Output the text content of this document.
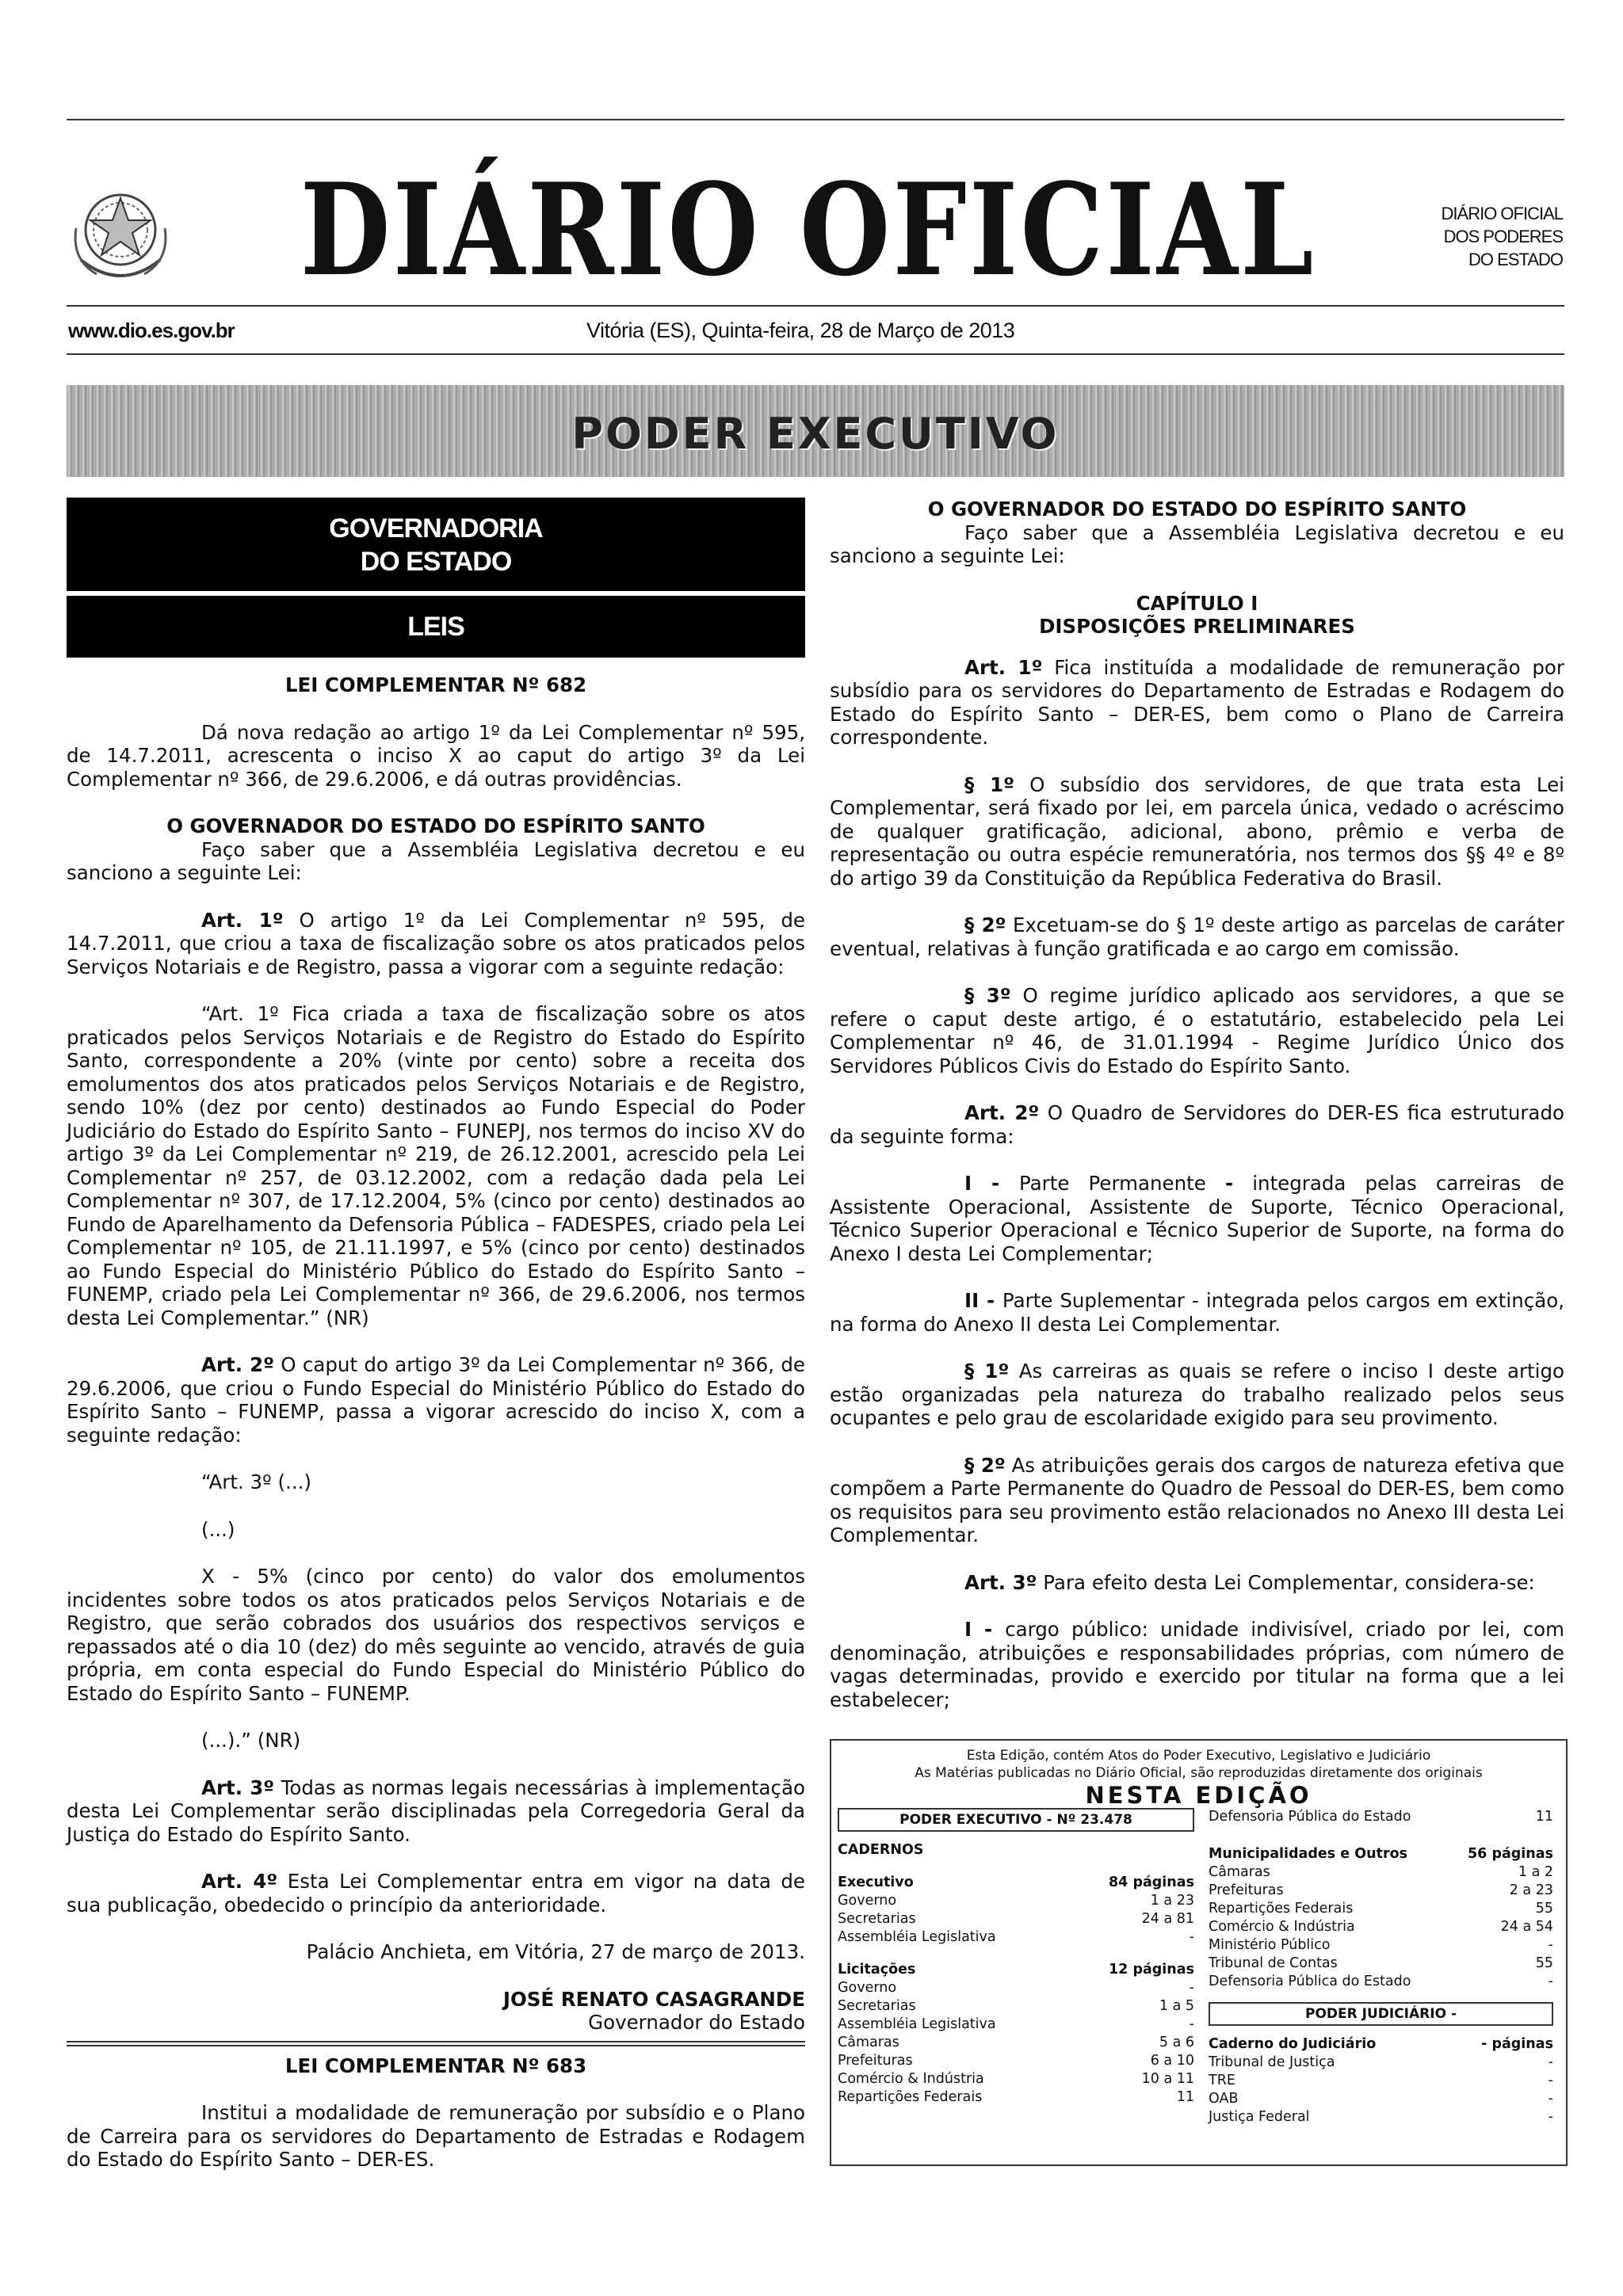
DIÁRIO OFICIAL	DIÁRIO OFICIAL
DOS PODERES
DO ESTADO
www.dio.es.gov.br	Vitória (ES), Quinta-feira, 28 de Março de 2013
PODER EXECUTIVO
GOVERNADORIA
DO ESTADO
LEIS

LEI COMPLEMENTAR Nº 682

Dá nova redação ao artigo 1º da Lei Complementar nº 595, de 14.7.2011, acrescenta o inciso X ao caput do artigo 3º da Lei Complementar nº 366, de 29.6.2006, e dá outras providências.

O GOVERNADOR DO ESTADO DO ESPÍRITO SANTO

Faço saber que a Assembléia Legislativa decretou e eu sanciono a seguinte Lei:

Art. 1º O artigo 1º da Lei Complementar nº 595, de 14.7.2011, que criou a taxa de fiscalização sobre os atos praticados pelos Serviços Notariais e de Registro, passa a vigorar com a seguinte redação:

“Art. 1º Fica criada a taxa de fiscalização sobre os atos praticados pelos Serviços Notariais e de Registro do Estado do Espírito Santo, correspondente a 20% (vinte por cento) sobre a receita dos emolumentos dos atos praticados pelos Serviços Notariais e de Registro, sendo 10% (dez por cento) destinados ao Fundo Especial do Poder Judiciário do Estado do Espírito Santo – FUNEPJ, nos termos do inciso XV do artigo 3º da Lei Complementar nº 219, de 26.12.2001, acrescido pela Lei Complementar nº 257, de 03.12.2002, com a redação dada pela Lei Complementar nº 307, de 17.12.2004, 5% (cinco por cento) destinados ao Fundo de Aparelhamento da Defensoria Pública – FADESPES, criado pela Lei Complementar nº 105, de 21.11.1997, e 5% (cinco por cento) destinados ao Fundo Especial do Ministério Público do Estado do Espírito Santo – FUNEMP, criado pela Lei Complementar nº 366, de 29.6.2006, nos termos desta Lei Complementar.” (NR)

Art. 2º O caput do artigo 3º da Lei Complementar nº 366, de 29.6.2006, que criou o Fundo Especial do Ministério Público do Estado do Espírito Santo – FUNEMP, passa a vigorar acrescido do inciso X, com a seguinte redação:

“Art. 3º (...)

(...)

X - 5% (cinco por cento) do valor dos emolumentos incidentes sobre todos os atos praticados pelos Serviços Notariais e de Registro, que serão cobrados dos usuários dos respectivos serviços e repassados até o dia 10 (dez) do mês seguinte ao vencido, através de guia própria, em conta especial do Fundo Especial do Ministério Público do Estado do Espírito Santo – FUNEMP.

(...).” (NR)

Art. 3º Todas as normas legais necessárias à implementação desta Lei Complementar serão disciplinadas pela Corregedoria Geral da Justiça do Estado do Espírito Santo.

Art. 4º Esta Lei Complementar entra em vigor na data de sua publicação, obedecido o princípio da anterioridade.

Palácio Anchieta, em Vitória, 27 de março de 2013.

JOSÉ RENATO CASAGRANDE

Governador do Estado

LEI COMPLEMENTAR Nº 683

Institui a modalidade de remuneração por subsídio e o Plano de Carreira para os servidores do Departamento de Estradas e Rodagem do Estado do Espírito Santo – DER-ES.

O GOVERNADOR DO ESTADO DO ESPÍRITO SANTO

Faço saber que a Assembléia Legislativa decretou e eu sanciono a seguinte Lei:

CAPÍTULO I

DISPOSIÇÕES PRELIMINARES

Art. 1º Fica instituída a modalidade de remuneração por subsídio para os servidores do Departamento de Estradas e Rodagem do Estado do Espírito Santo – DER-ES, bem como o Plano de Carreira correspondente.

§ 1º O subsídio dos servidores, de que trata esta Lei Complementar, será fixado por lei, em parcela única, vedado o acréscimo de qualquer gratificação, adicional, abono, prêmio e verba de representação ou outra espécie remuneratória, nos termos dos §§ 4º e 8º do artigo 39 da Constituição da República Federativa do Brasil.

§ 2º Excetuam-se do § 1º deste artigo as parcelas de caráter eventual, relativas à função gratificada e ao cargo em comissão.

§ 3º O regime jurídico aplicado aos servidores, a que se refere o caput deste artigo, é o estatutário, estabelecido pela Lei Complementar nº 46, de 31.01.1994 - Regime Jurídico Único dos Servidores Públicos Civis do Estado do Espírito Santo.

Art. 2º O Quadro de Servidores do DER-ES fica estruturado da seguinte forma:

I - Parte Permanente - integrada pelas carreiras de Assistente Operacional, Assistente de Suporte, Técnico Operacional, Técnico Superior Operacional e Técnico Superior de Suporte, na forma do Anexo I desta Lei Complementar;

II - Parte Suplementar - integrada pelos cargos em extinção, na forma do Anexo II desta Lei Complementar.

§ 1º As carreiras as quais se refere o inciso I deste artigo estão organizadas pela natureza do trabalho realizado pelos seus ocupantes e pelo grau de escolaridade exigido para seu provimento.

§ 2º As atribuições gerais dos cargos de natureza efetiva que compõem a Parte Permanente do Quadro de Pessoal do DER-ES, bem como os requisitos para seu provimento estão relacionados no Anexo III desta Lei Complementar.

Art. 3º Para efeito desta Lei Complementar, considera-se:

I - cargo público: unidade indivisível, criado por lei, com denominação, atribuições e responsabilidades próprias, com número de vagas determinadas, provido e exercido por titular na forma que a lei estabelecer;

Esta Edição, contém Atos do Poder Executivo, Legislativo e Judiciário
As Matérias publicadas no Diário Oficial, são reproduzidas diretamente dos originais
NESTA EDIÇÃO
PODER EXECUTIVO - Nº 23.478
CADERNOS
Executivo	84 páginas
Governo	1 a 23
Secretarias	24 a 81
Assembléia Legislativa	-
Licitações	12 páginas
Governo	-
Secretarias	1 a 5
Assembléia Legislativa	-
Câmaras	5 a 6
Prefeituras	6 a 10
Comércio & Indústria	10 a 11
Repartições Federais	11
Defensoria Pública do Estado	11
Municipalidades e Outros	56 páginas
Câmaras	1 a 2
Prefeituras	2 a 23
Repartições Federais	55
Comércio & Indústria	24 a 54
Ministério Público	-
Tribunal de Contas	55
Defensoria Pública do Estado	-
PODER JUDICIÁRIO -
Caderno do Judiciário	- páginas
Tribunal de Justiça	-
TRE	-
OAB	-
Justiça Federal	-
